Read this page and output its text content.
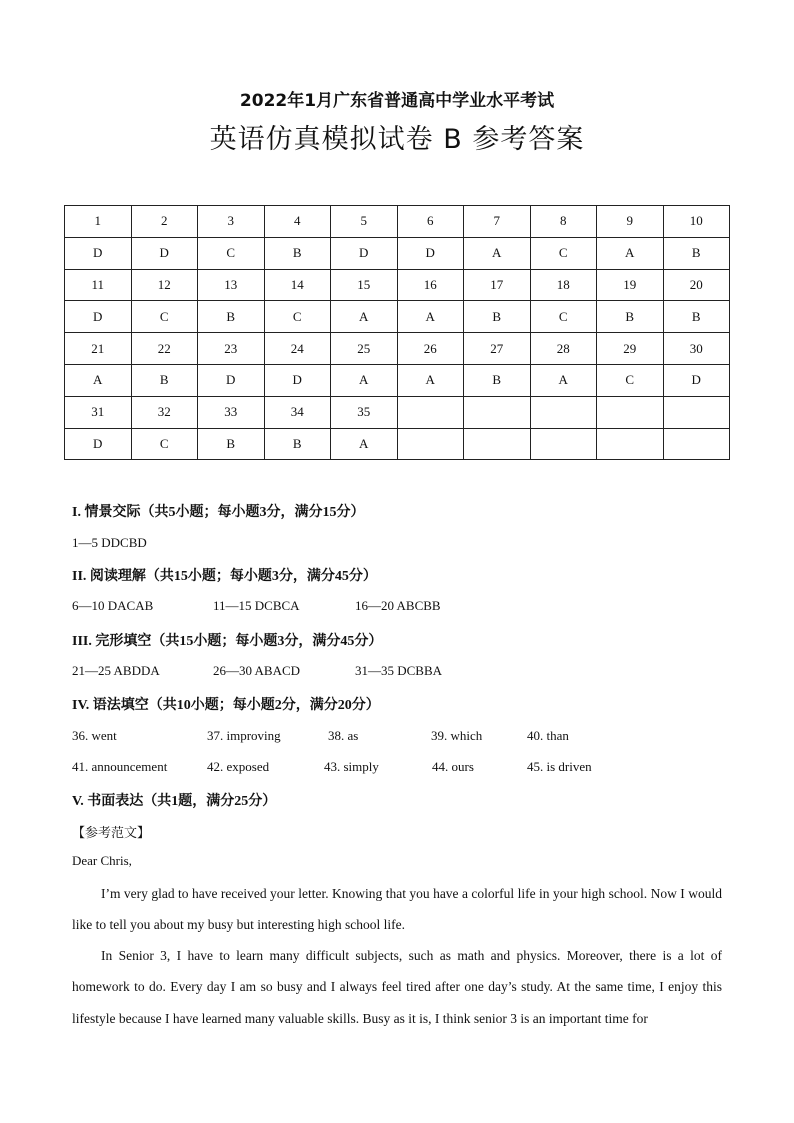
2022年1月广东省普通高中学业水平考试
英语仿真模拟试卷 B 参考答案
1	2	3	4	5	6	7	8	9	10
D	D	C	B	D	D	A	C	A	B
11	12	13	14	15	16	17	18	19	20
D	C	B	C	A	A	B	C	B	B
21	22	23	24	25	26	27	28	29	30
A	B	D	D	A	A	B	A	C	D
31	32	33	34	35					
D	C	B	B	A					
I. 情景交际（共5小题；每小题3分，满分15分）
1—5 DDCBD
II. 阅读理解（共15小题；每小题3分，满分45分）
6—10 DACAB	11—15 DCBCA	16—20 ABCBB
III. 完形填空（共15小题；每小题3分，满分45分）
21—25 ABDDA	26—30 ABACD	31—35 DCBBA
IV. 语法填空（共10小题；每小题2分，满分20分）
36. went	37. improving	38. as	39. which	40. than
41. announcement	42. exposed	43. simply	44. ours	45. is driven
V. 书面表达（共1题，满分25分）
【参考范文】
Dear Chris,
I’m very glad to have received your letter. Knowing that you have a colorful life in your high school. Now I would like to tell you about my busy but interesting high school life.
In Senior 3, I have to learn many difficult subjects, such as math and physics. Moreover, there is a lot of homework to do. Every day I am so busy and I always feel tired after one day’s study. At the same time, I enjoy this lifestyle because I have learned many valuable skills. Busy as it is, I think senior 3 is an important time for
